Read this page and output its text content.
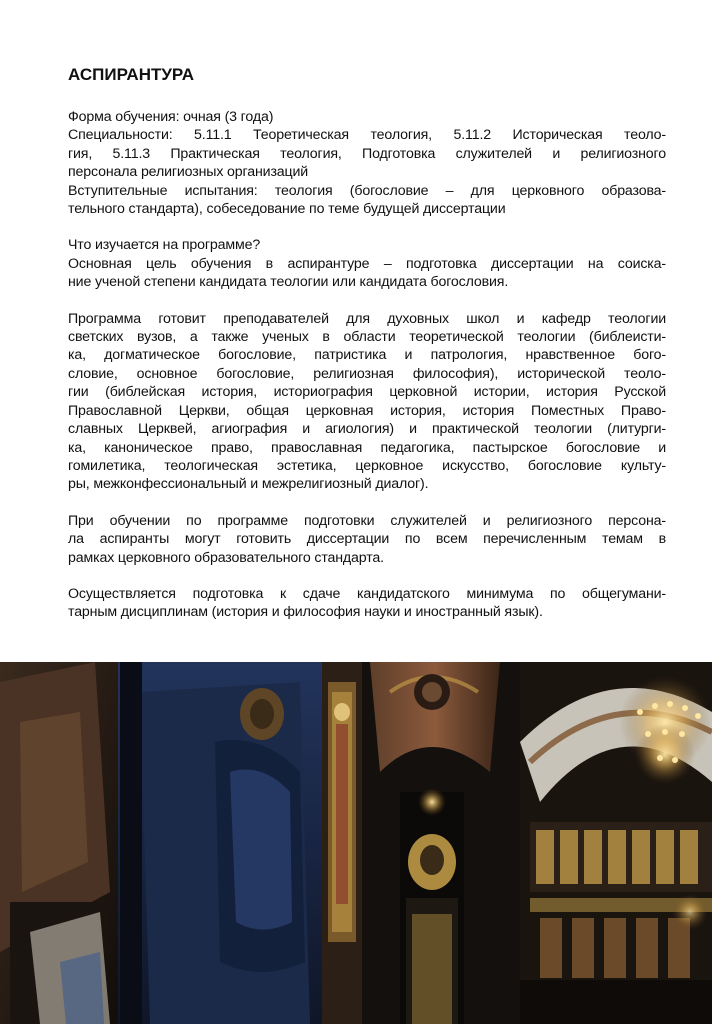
АСПИРАНТУРА
Форма обучения: очная (3 года)
Специальности: 5.11.1 Теоретическая теология, 5.11.2 Историческая теоло-
гия, 5.11.3 Практическая теология, Подготовка служителей и религиозного
персонала религиозных организаций
Вступительные испытания: теология (богословие – для церковного образова-
тельного стандарта), собеседование по теме будущей диссертации
Что изучается на программе?
Основная цель обучения в аспирантуре – подготовка диссертации на соиска-
ние ученой степени кандидата теологии или кандидата богословия.
Программа готовит преподавателей для духовных школ и кафедр теологии
светских вузов, а также ученых в области теоретической теологии (библеисти-
ка, догматическое богословие, патристика и патрология, нравственное бого-
словие, основное богословие, религиозная философия), исторической теоло-
гии (библейская история, историография церковной истории, история Русской
Православной Церкви, общая церковная история, история Поместных Право-
славных Церквей, агиография и агиология) и практической теологии (литурги-
ка, каноническое право, православная педагогика, пастырское богословие и
гомилетика, теологическая эстетика, церковное искусство, богословие культу-
ры, межконфессиональный и межрелигиозный диалог).
При обучении по программе подготовки служителей и религиозного персона-
ла аспиранты могут готовить диссертации по всем перечисленным темам в
рамках церковного образовательного стандарта.
Осуществляется подготовка к сдаче кандидатского минимума по общегумани-
тарным дисциплинам (история и философия науки и иностранный язык).
